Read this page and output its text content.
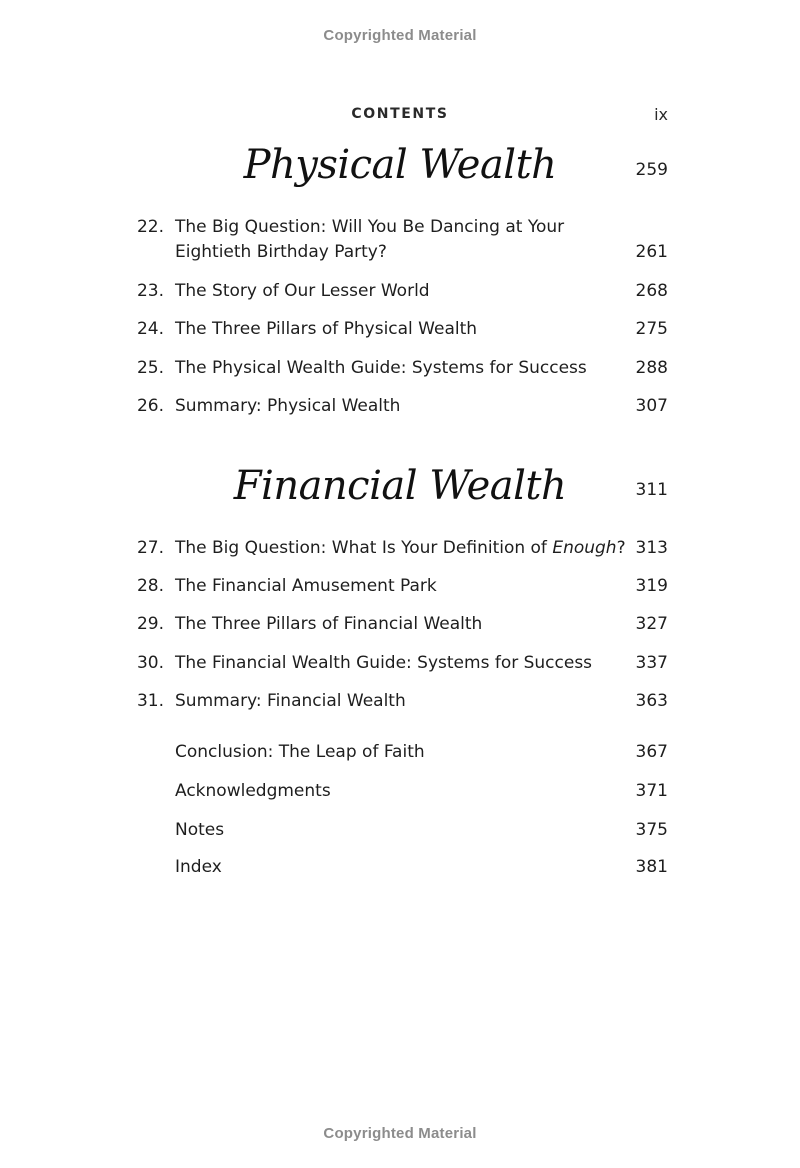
Copyrighted Material
CONTENTS	ix
Physical Wealth	259
22. The Big Question: Will You Be Dancing at Your
Eightieth Birthday Party?	261
23. The Story of Our Lesser World	268
24. The Three Pillars of Physical Wealth	275
25. The Physical Wealth Guide: Systems for Success	288
26. Summary: Physical Wealth	307
Financial Wealth	311
27. The Big Question: What Is Your Definition of Enough? 313
28. The Financial Amusement Park	319
29. The Three Pillars of Financial Wealth	327
30. The Financial Wealth Guide: Systems for Success	337
31. Summary: Financial Wealth	363
Conclusion: The Leap of Faith	367
Acknowledgments	371
Notes	375
Index	381
Copyrighted Material
